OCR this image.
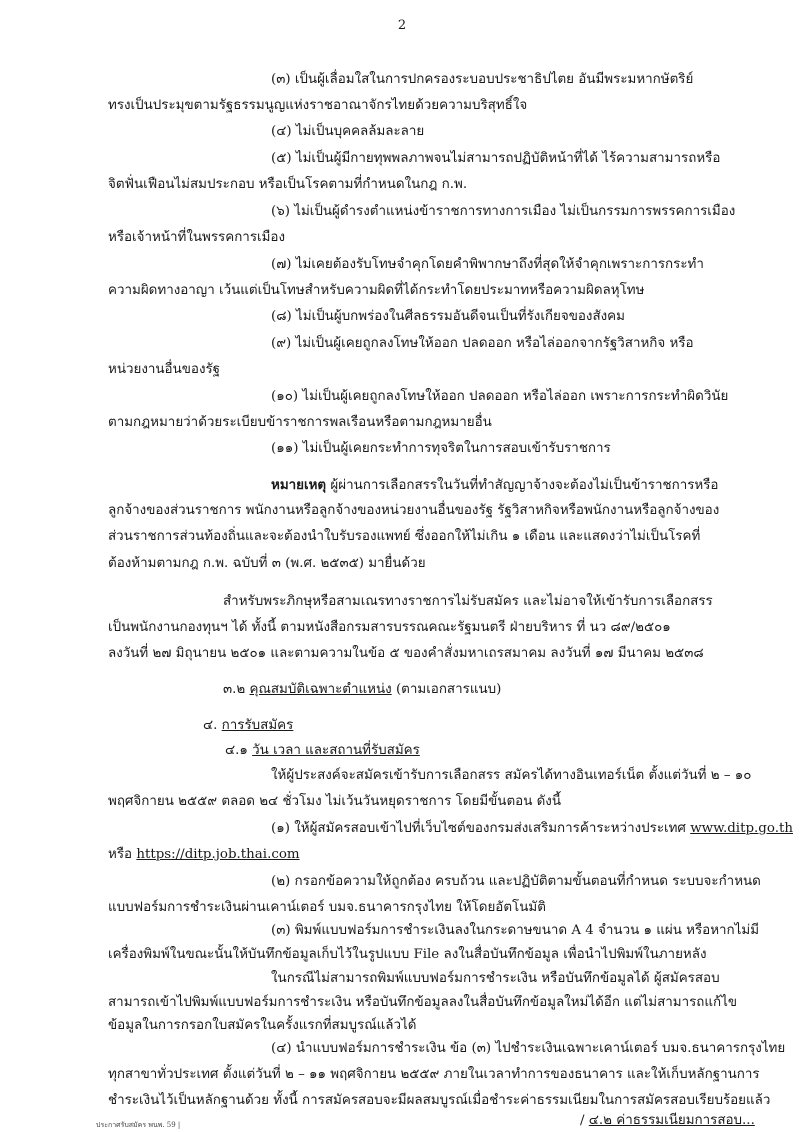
2

(๓) เป็นผู้เลื่อมใสในการปกครองระบอบประชาธิปไตย อันมีพระมหากษัตริย์

ทรงเป็นประมุขตามรัฐธรรมนูญแห่งราชอาณาจักรไทยด้วยความบริสุทธิ์ใจ

(๔) ไม่เป็นบุคคลล้มละลาย

(๕) ไม่เป็นผู้มีกายทุพพลภาพจนไม่สามารถปฏิบัติหน้าที่ได้ ไร้ความสามารถหรือ

จิตฟั่นเฟือนไม่สมประกอบ หรือเป็นโรคตามที่กำหนดในกฎ ก.พ.

(๖) ไม่เป็นผู้ดำรงตำแหน่งข้าราชการทางการเมือง ไม่เป็นกรรมการพรรคการเมือง

หรือเจ้าหน้าที่ในพรรคการเมือง

(๗) ไม่เคยต้องรับโทษจำคุกโดยคำพิพากษาถึงที่สุดให้จำคุกเพราะการกระทำ

ความผิดทางอาญา เว้นแต่เป็นโทษสำหรับความผิดที่ได้กระทำโดยประมาทหรือความผิดลหุโทษ

(๘) ไม่เป็นผู้บกพร่องในศีลธรรมอันดีจนเป็นที่รังเกียจของสังคม

(๙) ไม่เป็นผู้เคยถูกลงโทษให้ออก ปลดออก หรือไล่ออกจากรัฐวิสาหกิจ หรือ

หน่วยงานอื่นของรัฐ

(๑๐) ไม่เป็นผู้เคยถูกลงโทษให้ออก ปลดออก หรือไล่ออก เพราะการกระทำผิดวินัย

ตามกฎหมายว่าด้วยระเบียบข้าราชการพลเรือนหรือตามกฎหมายอื่น

(๑๑) ไม่เป็นผู้เคยกระทำการทุจริตในการสอบเข้ารับราชการ

หมายเหตุ ผู้ผ่านการเลือกสรรในวันที่ทำสัญญาจ้างจะต้องไม่เป็นข้าราชการหรือ

ลูกจ้างของส่วนราชการ พนักงานหรือลูกจ้างของหน่วยงานอื่นของรัฐ รัฐวิสาหกิจหรือพนักงานหรือลูกจ้างของ

ส่วนราชการส่วนท้องถิ่นและจะต้องนำใบรับรองแพทย์ ซึ่งออกให้ไม่เกิน ๑ เดือน และแสดงว่าไม่เป็นโรคที่

ต้องห้ามตามกฎ ก.พ. ฉบับที่ ๓ (พ.ศ. ๒๕๓๕) มายื่นด้วย

สำหรับพระภิกษุหรือสามเณรทางราชการไม่รับสมัคร และไม่อาจให้เข้ารับการเลือกสรร

เป็นพนักงานกองทุนฯ ได้ ทั้งนี้ ตามหนังสือกรมสารบรรณคณะรัฐมนตรี ฝ่ายบริหาร ที่ นว ๘๙/๒๕๐๑

ลงวันที่ ๒๗ มิถุนายน ๒๕๐๑ และตามความในข้อ ๕ ของคำสั่งมหาเถรสมาคม ลงวันที่ ๑๗ มีนาคม ๒๕๓๘

๓.๒ คุณสมบัติเฉพาะตำแหน่ง (ตามเอกสารแนบ)

๔. การรับสมัคร

๔.๑ วัน เวลา และสถานที่รับสมัคร

ให้ผู้ประสงค์จะสมัครเข้ารับการเลือกสรร สมัครได้ทางอินเทอร์เน็ต ตั้งแต่วันที่ ๒ – ๑๐

พฤศจิกายน ๒๕๕๙ ตลอด ๒๔ ชั่วโมง ไม่เว้นวันหยุดราชการ โดยมีขั้นตอน ดังนี้

(๑) ให้ผู้สมัครสอบเข้าไปที่เว็บไซต์ของกรมส่งเสริมการค้าระหว่างประเทศ www.ditp.go.th

หรือ https://ditp.job.thai.com

(๒) กรอกข้อความให้ถูกต้อง ครบถ้วน และปฏิบัติตามขั้นตอนที่กำหนด ระบบจะกำหนด

แบบฟอร์มการชำระเงินผ่านเคาน์เตอร์ บมจ.ธนาคารกรุงไทย ให้โดยอัตโนมัติ

(๓) พิมพ์แบบฟอร์มการชำระเงินลงในกระดาษขนาด A 4 จำนวน ๑ แผ่น หรือหากไม่มี

เครื่องพิมพ์ในขณะนั้นให้บันทึกข้อมูลเก็บไว้ในรูปแบบ File ลงในสื่อบันทึกข้อมูล เพื่อนำไปพิมพ์ในภายหลัง

ในกรณีไม่สามารถพิมพ์แบบฟอร์มการชำระเงิน หรือบันทึกข้อมูลได้ ผู้สมัครสอบ

สามารถเข้าไปพิมพ์แบบฟอร์มการชำระเงิน หรือบันทึกข้อมูลลงในสื่อบันทึกข้อมูลใหม่ได้อีก แต่ไม่สามารถแก้ไข

ข้อมูลในการกรอกใบสมัครในครั้งแรกที่สมบูรณ์แล้วได้

/ ๔.๒ ค่าธรรมเนียมการสอบ...
ประกาศรับสมัคร พนพ. 59 |

(๔) นำแบบฟอร์มการชำระเงิน ข้อ (๓) ไปชำระเงินเฉพาะเคาน์เตอร์ บมจ.ธนาคารกรุงไทย

ทุกสาขาทั่วประเทศ ตั้งแต่วันที่ ๒ – ๑๑ พฤศจิกายน ๒๕๕๙ ภายในเวลาทำการของธนาคาร และให้เก็บหลักฐานการ

ชำระเงินไว้เป็นหลักฐานด้วย ทั้งนี้ การสมัครสอบจะมีผลสมบูรณ์เมื่อชำระค่าธรรมเนียมในการสมัครสอบเรียบร้อยแล้ว
